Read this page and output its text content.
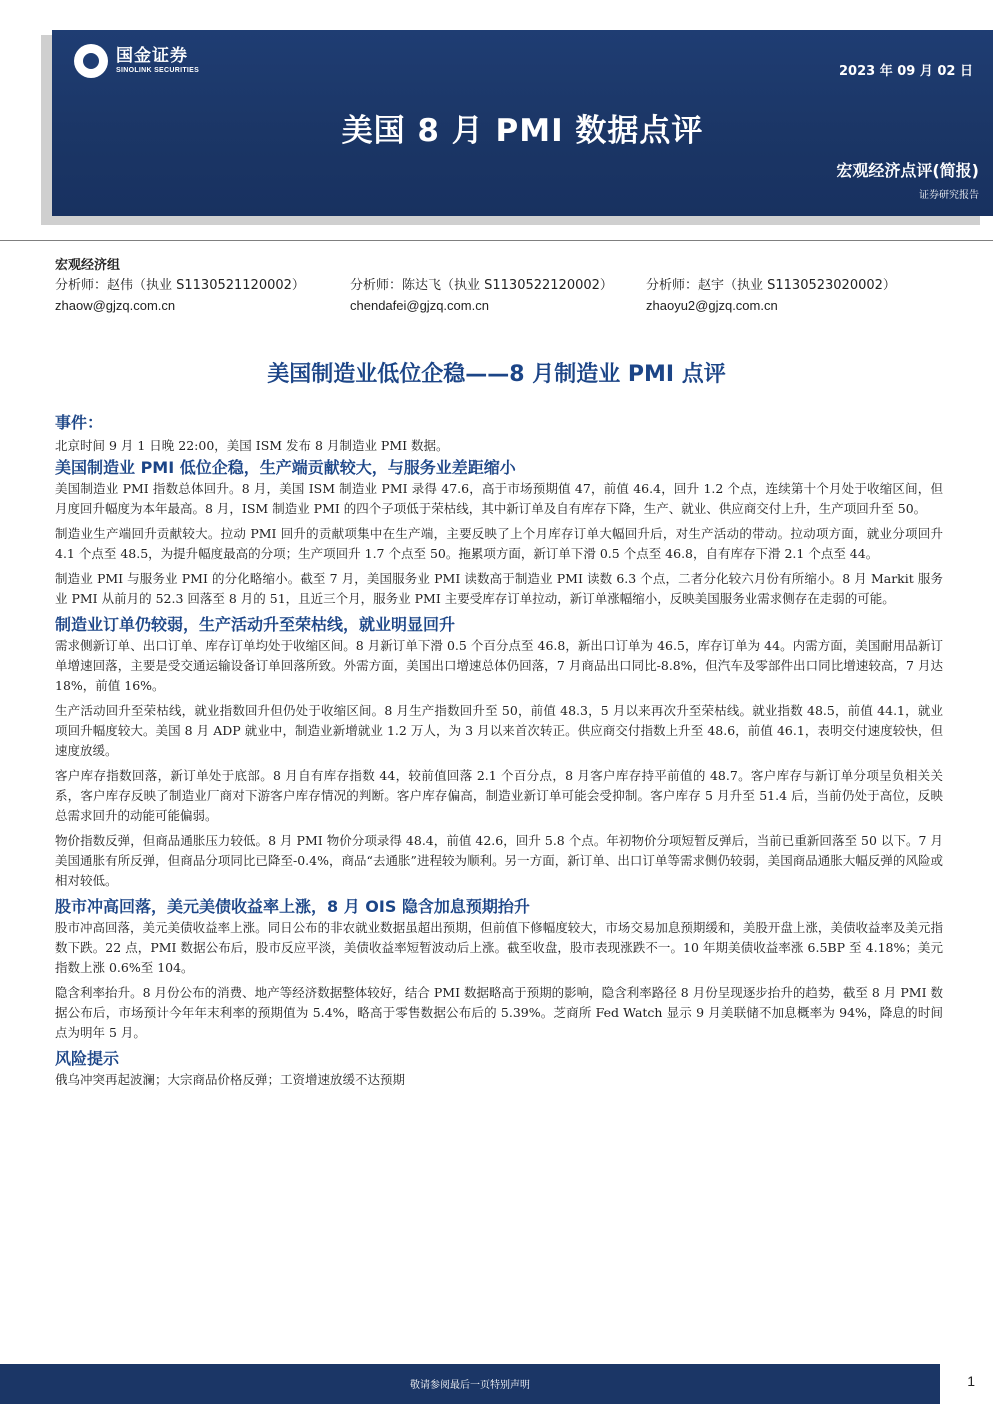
国金证券
SINOLINK SECURITIES	2023 年 09 月 02 日
美国 8 月 PMI 数据点评
宏观经济点评(简报)
证券研究报告
宏观经济组
分析师：赵伟（执业 S1130521120002）	分析师：陈达飞（执业 S1130522120002）	分析师：赵宇（执业 S1130523020002）
zhaow@gjzq.com.cn	chendafei@gjzq.com.cn	zhaoyu2@gjzq.com.cn
美国制造业低位企稳——8 月制造业 PMI 点评
事件：

北京时间 9 月 1 日晚 22:00，美国 ISM 发布 8 月制造业 PMI 数据。

美国制造业 PMI 低位企稳，生产端贡献较大，与服务业差距缩小

美国制造业 PMI 指数总体回升。8 月，美国 ISM 制造业 PMI 录得 47.6，高于市场预期值 47，前值 46.4，回升 1.2 个点，连续第十个月处于收缩区间，但月度回升幅度为本年最高。8 月，ISM 制造业 PMI 的四个子项低于荣枯线，其中新订单及自有库存下降，生产、就业、供应商交付上升，生产项回升至 50。

制造业生产端回升贡献较大。拉动 PMI 回升的贡献项集中在生产端，主要反映了上个月库存订单大幅回升后，对生产活动的带动。拉动项方面，就业分项回升 4.1 个点至 48.5，为提升幅度最高的分项；生产项回升 1.7 个点至 50。拖累项方面，新订单下滑 0.5 个点至 46.8，自有库存下滑 2.1 个点至 44。

制造业 PMI 与服务业 PMI 的分化略缩小。截至 7 月，美国服务业 PMI 读数高于制造业 PMI 读数 6.3 个点，二者分化较六月份有所缩小。8 月 Markit 服务业 PMI 从前月的 52.3 回落至 8 月的 51，且近三个月，服务业 PMI 主要受库存订单拉动，新订单涨幅缩小，反映美国服务业需求侧存在走弱的可能。

制造业订单仍较弱，生产活动升至荣枯线，就业明显回升

需求侧新订单、出口订单、库存订单均处于收缩区间。8 月新订单下滑 0.5 个百分点至 46.8，新出口订单为 46.5，库存订单为 44。内需方面，美国耐用品新订单增速回落，主要是受交通运输设备订单回落所致。外需方面，美国出口增速总体仍回落，7 月商品出口同比-8.8%，但汽车及零部件出口同比增速较高，7 月达 18%，前值 16%。

生产活动回升至荣枯线，就业指数回升但仍处于收缩区间。8 月生产指数回升至 50，前值 48.3，5 月以来再次升至荣枯线。就业指数 48.5，前值 44.1，就业项回升幅度较大。美国 8 月 ADP 就业中，制造业新增就业 1.2 万人，为 3 月以来首次转正。供应商交付指数上升至 48.6，前值 46.1，表明交付速度较快，但速度放缓。

客户库存指数回落，新订单处于底部。8 月自有库存指数 44，较前值回落 2.1 个百分点，8 月客户库存持平前值的 48.7。客户库存与新订单分项呈负相关关系，客户库存反映了制造业厂商对下游客户库存情况的判断。客户库存偏高，制造业新订单可能会受抑制。客户库存 5 月升至 51.4 后，当前仍处于高位，反映总需求回升的动能可能偏弱。

物价指数反弹，但商品通胀压力较低。8 月 PMI 物价分项录得 48.4，前值 42.6，回升 5.8 个点。年初物价分项短暂反弹后，当前已重新回落至 50 以下。7 月美国通胀有所反弹，但商品分项同比已降至-0.4%，商品“去通胀”进程较为顺利。另一方面，新订单、出口订单等需求侧仍较弱，美国商品通胀大幅反弹的风险或相对较低。

股市冲高回落，美元美债收益率上涨，8 月 OIS 隐含加息预期抬升

股市冲高回落，美元美债收益率上涨。同日公布的非农就业数据虽超出预期，但前值下修幅度较大，市场交易加息预期缓和，美股开盘上涨，美债收益率及美元指数下跌。22 点，PMI 数据公布后，股市反应平淡，美债收益率短暂波动后上涨。截至收盘，股市表现涨跌不一。10 年期美债收益率涨 6.5BP 至 4.18%；美元指数上涨 0.6%至 104。

隐含利率抬升。8 月份公布的消费、地产等经济数据整体较好，结合 PMI 数据略高于预期的影响，隐含利率路径 8 月份呈现逐步抬升的趋势，截至 8 月 PMI 数据公布后，市场预计今年年末利率的预期值为 5.4%，略高于零售数据公布后的 5.39%。芝商所 Fed Watch 显示 9 月美联储不加息概率为 94%，降息的时间点为明年 5 月。

风险提示

俄乌冲突再起波澜；大宗商品价格反弹；工资增速放缓不达预期

敬请参阅最后一页特别声明	1
